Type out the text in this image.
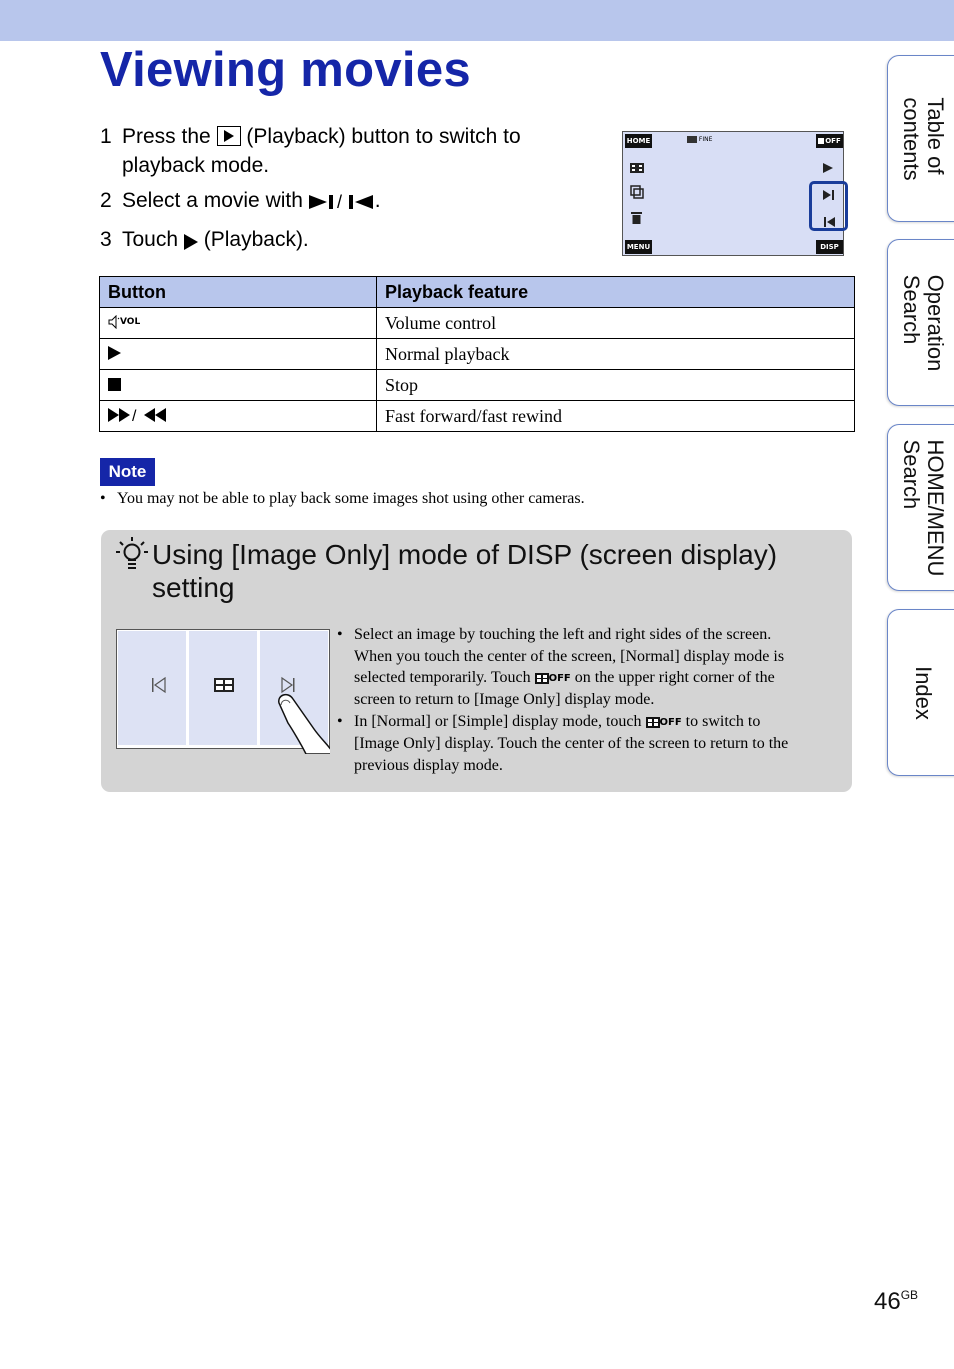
Viewing movies
1 Press the (Playback) button to switch to
playback mode.
2 Select a movie with / .
3 Touch (Playback).
HOME	FINE	OFF
MENU	DISP
Button	Playback feature

VOL	Volume control
	Normal playback
	Stop

/	Fast forward/fast rewind
Note
• You may not be able to play back some images shot using other cameras.
Using [Image Only] mode of DISP (screen display)
setting
• Select an image by touching the left and right sides of the screen.
When you touch the center of the screen, [Normal] display mode is
selected temporarily. Touch OFF on the upper right corner of the
screen to return to [Image Only] display mode.
• In [Normal] or [Simple] display mode, touch OFF to switch to
[Image Only] display. Touch the center of the screen to return to the
previous display mode.
Table of
contents
Operation
Search
HOME/MENU
Search
Index
$46^{GB}$
